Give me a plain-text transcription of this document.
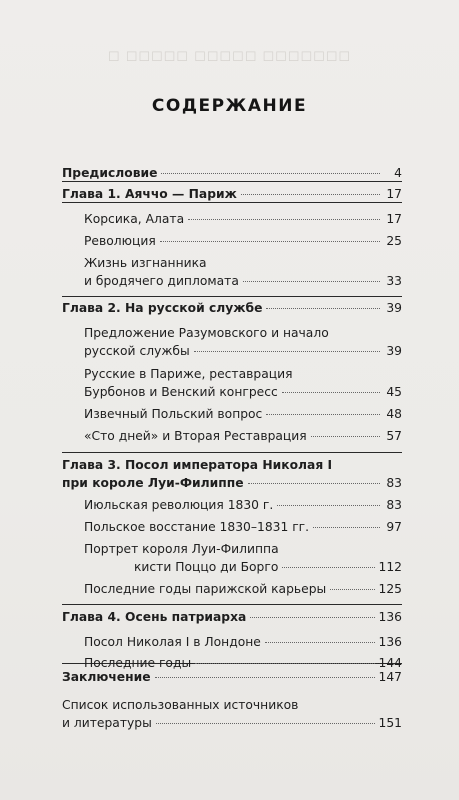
☐ ☐☐☐☐☐ ☐☐☐☐☐ ☐☐☐☐☐☐☐
СОДЕРЖАНИЕ
Предисловие	4
Глава 1. Аяччо — Париж	17
Корсика, Алата	17
Революция	25
Жизнь изгнанника
и бродячего дипломата	33
Глава 2. На русской службе	39
Предложение Разумовского и начало
русской службы	39
Русские в Париже, реставрация
Бурбонов и Венский конгресс	45
Извечный Польский вопрос	48
«Сто дней» и Вторая Реставрация	57
Глава 3. Посол императора Николая I
при короле Луи-Филиппе	83
Июльская революция 1830 г.	83
Польское восстание 1830–1831 гг.	97
Портрет короля Луи-Филиппа
кисти Поццо ди Борго	112
Последние годы парижской карьеры	125
Глава 4. Осень патриарха	136
Посол Николая I в Лондоне	136
Последние годы	144
Заключение	147
Список использованных источников
и литературы	151
